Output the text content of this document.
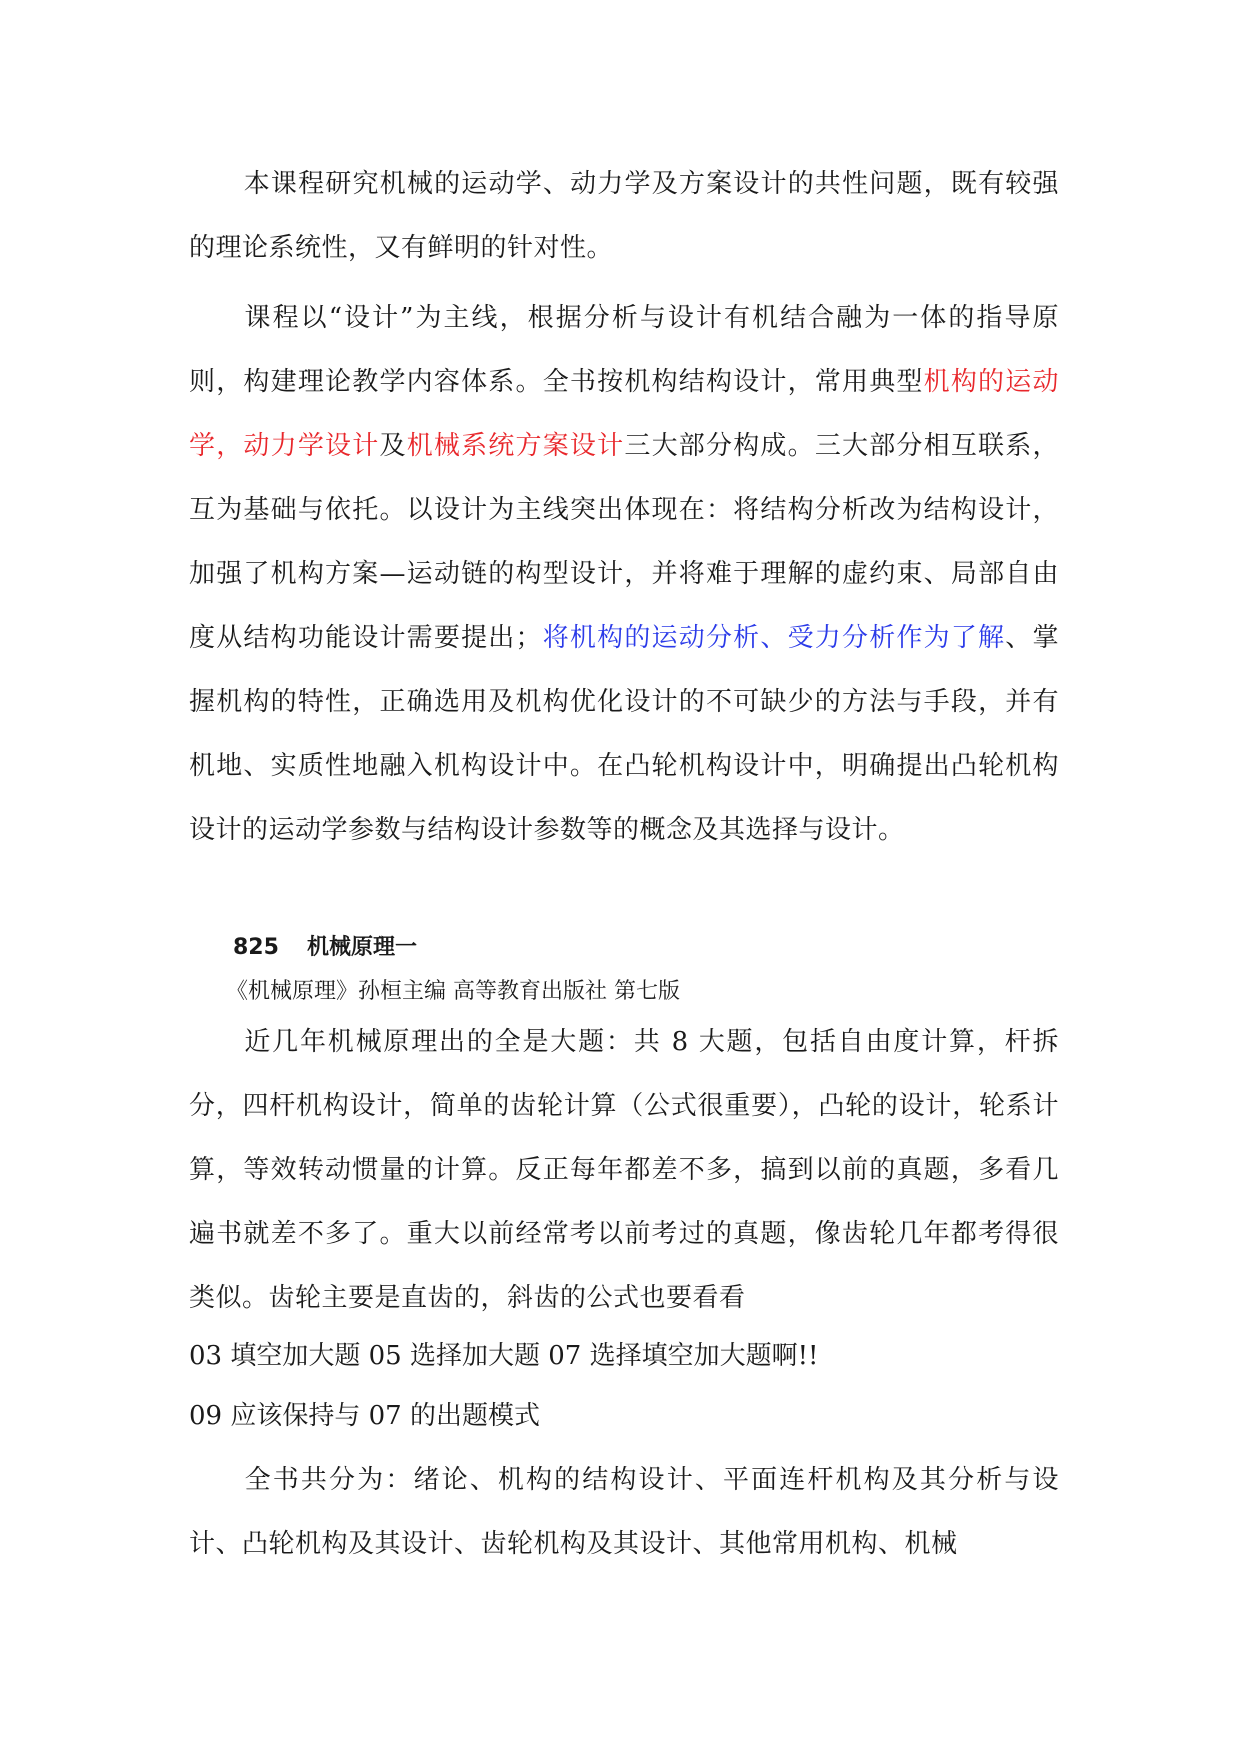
本课程研究机械的运动学、动力学及方案设计的共性问题，既有较强的理论系统性，又有鲜明的针对性。

课程以“设计”为主线，根据分析与设计有机结合融为一体的指导原则，构建理论教学内容体系。全书按机构结构设计，常用典型机构的运动学，动力学设计及机械系统方案设计三大部分构成。三大部分相互联系，互为基础与依托。以设计为主线突出体现在：将结构分析改为结构设计，加强了机构方案—运动链的构型设计，并将难于理解的虚约束、局部自由度从结构功能设计需要提出；将机构的运动分析、受力分析作为了解、掌握机构的特性，正确选用及机构优化设计的不可缺少的方法与手段，并有机地、实质性地融入机构设计中。在凸轮机构设计中，明确提出凸轮机构设计的运动学参数与结构设计参数等的概念及其选择与设计。

825 机械原理一

《机械原理》孙桓主编 高等教育出版社 第七版

近几年机械原理出的全是大题：共 8 大题，包括自由度计算，杆拆分，四杆机构设计，简单的齿轮计算（公式很重要），凸轮的设计，轮系计算，等效转动惯量的计算。反正每年都差不多，搞到以前的真题，多看几遍书就差不多了。重大以前经常考以前考过的真题，像齿轮几年都考得很类似。齿轮主要是直齿的，斜齿的公式也要看看

03 填空加大题 05 选择加大题 07 选择填空加大题啊!!

09 应该保持与 07 的出题模式

全书共分为：绪论、机构的结构设计、平面连杆机构及其分析与设计、凸轮机构及其设计、齿轮机构及其设计、其他常用机构、机械
